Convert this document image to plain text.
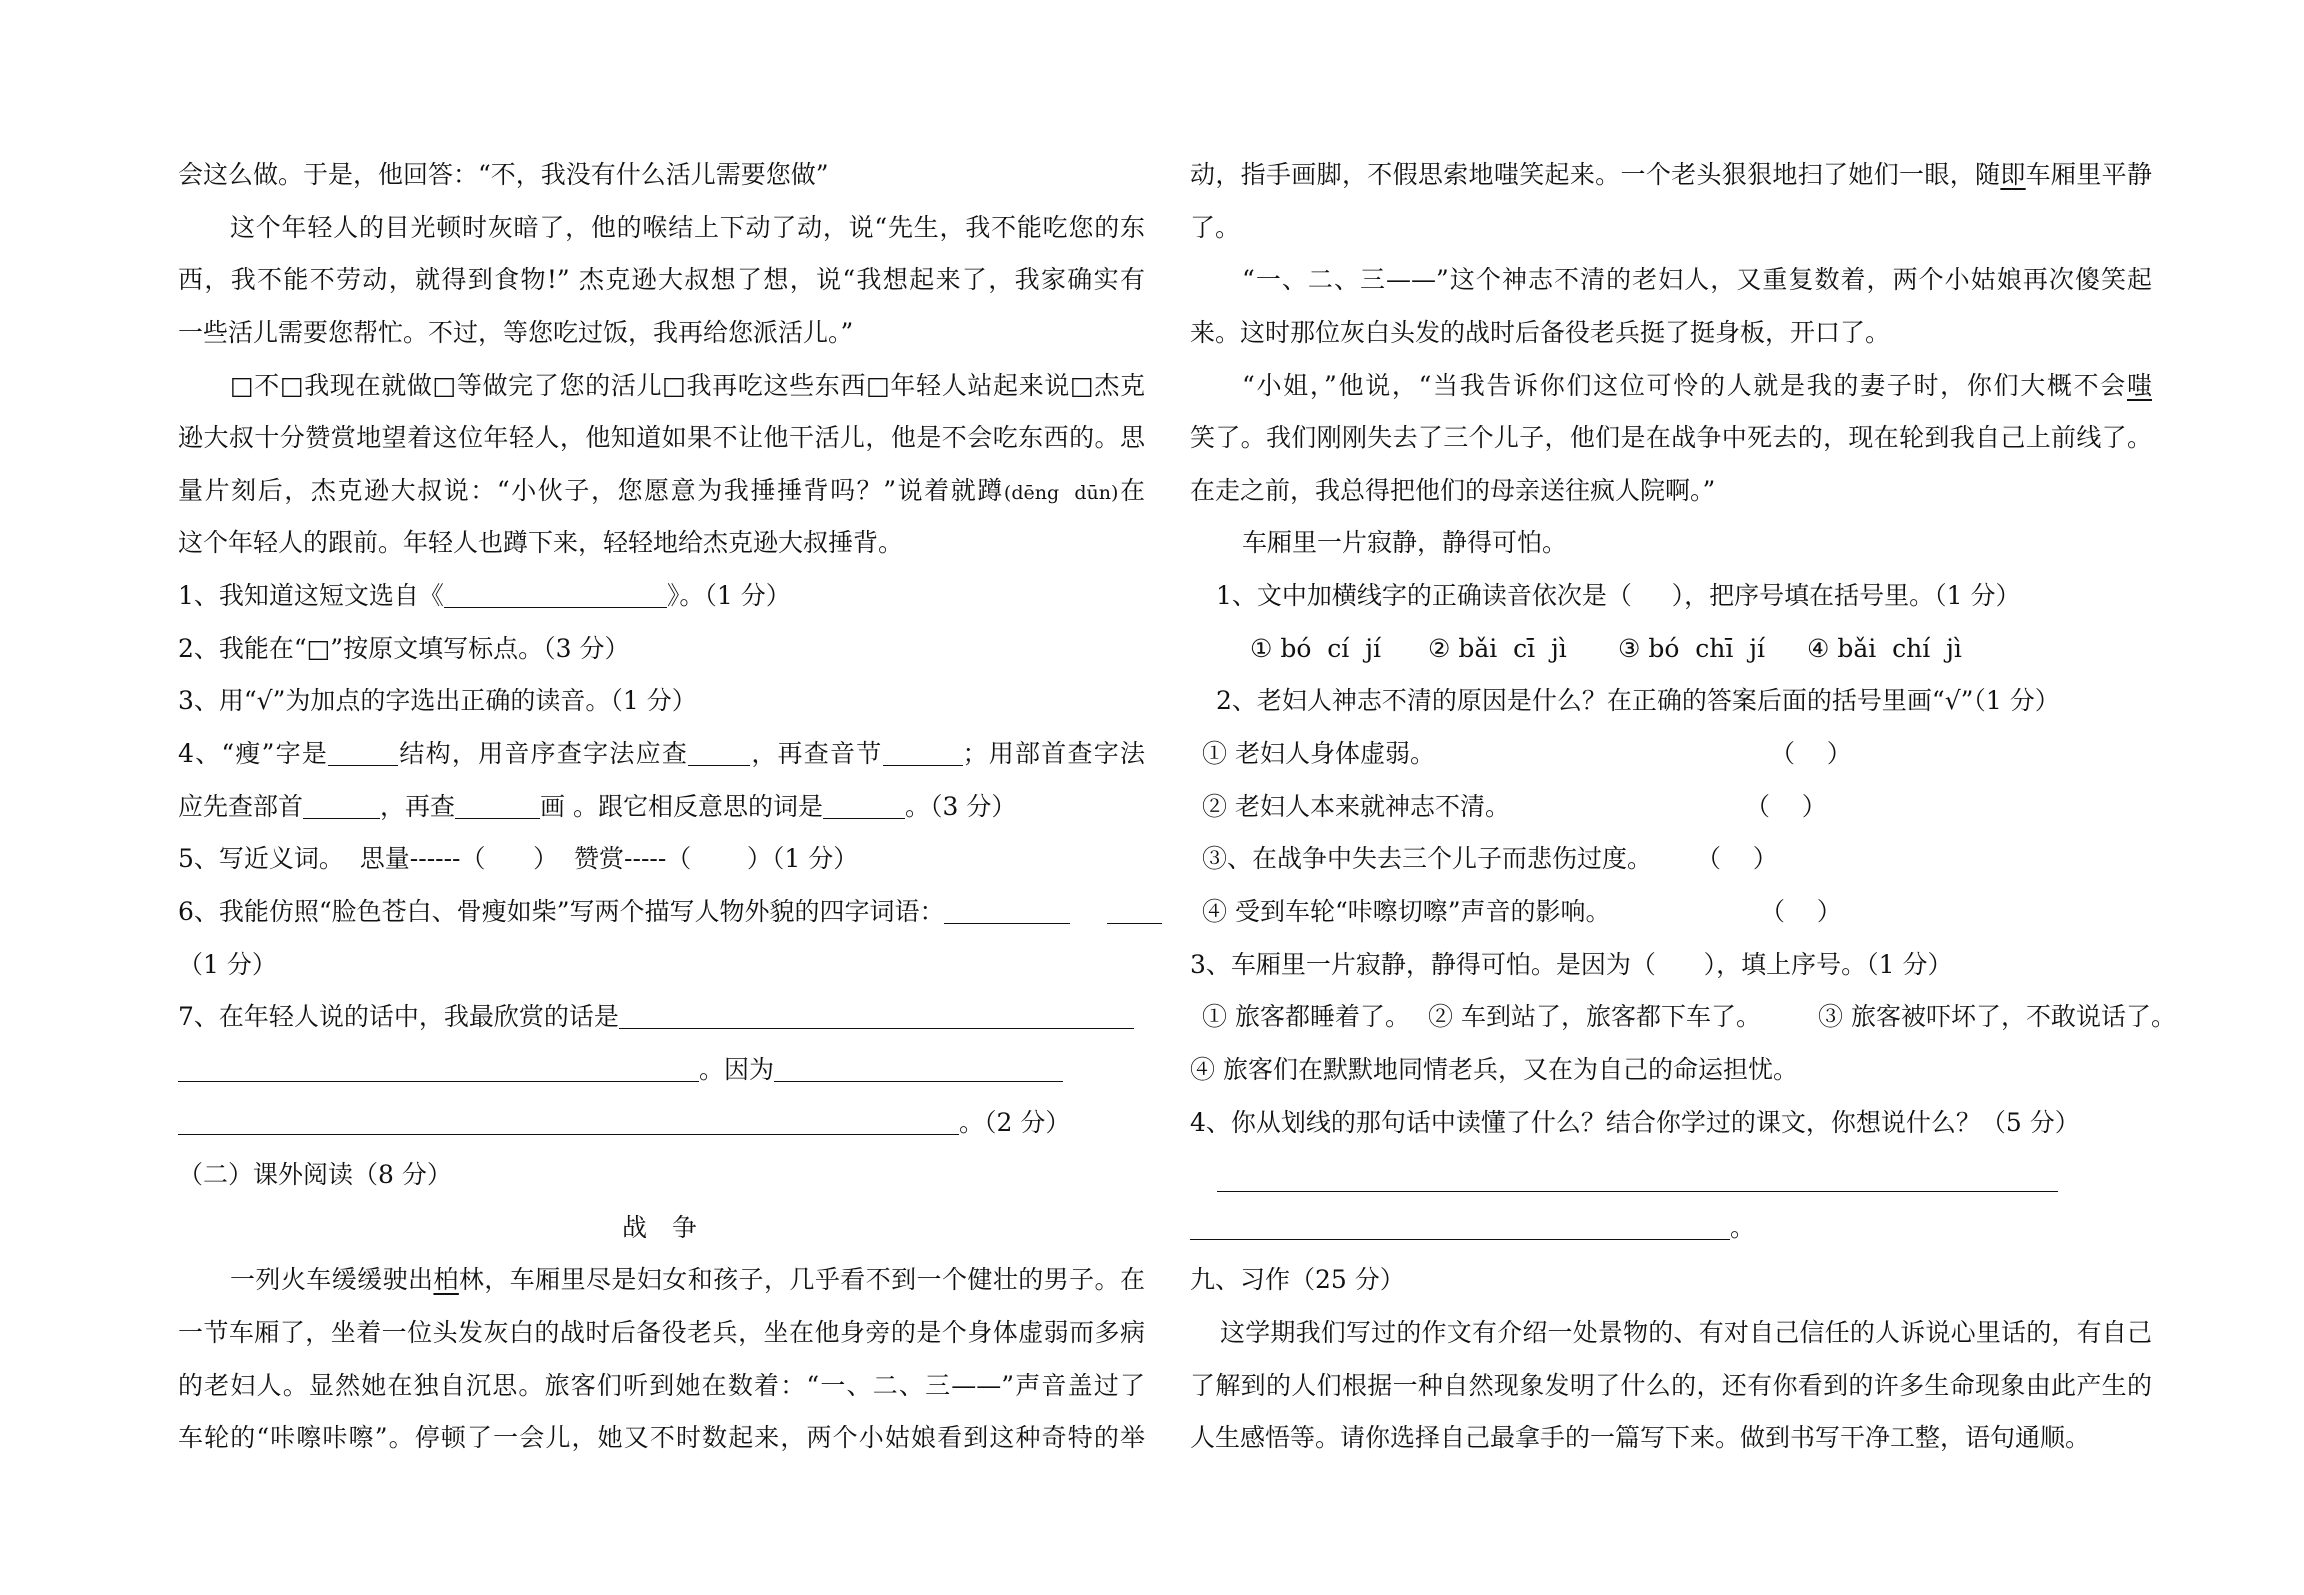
会这么做。于是，他回答：“不，我没有什么活儿需要您做”
这个年轻人的目光顿时灰暗了，他的喉结上下动了动，说“先生，我不能吃您的东
西，我不能不劳动，就得到食物!” 杰克逊大叔想了想，说“我想起来了，我家确实有
一些活儿需要您帮忙。不过，等您吃过饭，我再给您派活儿。”
□不□我现在就做□等做完了您的活儿□我再吃这些东西□年轻人站起来说□杰克
逊大叔十分赞赏地望着这位年轻人，他知道如果不让他干活儿，他是不会吃东西的。思
量片刻后，杰克逊大叔说：“小伙子，您愿意为我捶捶背吗？”说着就蹲(dēng  dūn)在
这个年轻人的跟前。年轻人也蹲下来，轻轻地给杰克逊大叔捶背。
1、我知道这短文选自《	》。（1 分）
2、我能在“□”按原文填写标点。（3 分）
3、用“√”为加点的字选出正确的读音。（1 分）
4、“瘦”字是	结构，用音序查字法应查 ，再查音节	；用部首查字法
应先查部首	，再查	画 。跟它相反意思的词是	。（3 分）
5、写近义词。  思量------（      ）  赞赏-----（       ）（1 分）
6、我能仿照“脸色苍白、骨瘦如柴”写两个描写人物外貌的四字词语：
（1 分）
7、在年轻人说的话中，我最欣赏的话是
。因为
。（2 分）
（二）课外阅读（8 分）
战　争
一列火车缓缓驶出柏林，车厢里尽是妇女和孩子，几乎看不到一个健壮的男子。在
一节车厢了，坐着一位头发灰白的战时后备役老兵，坐在他身旁的是个身体虚弱而多病
的老妇人。显然她在独自沉思。旅客们听到她在数着：“一、二、三——”声音盖过了
车轮的“咔嚓咔嚓”。停顿了一会儿，她又不时数起来，两个小姑娘看到这种奇特的举
动，指手画脚，不假思索地嗤笑起来。一个老头狠狠地扫了她们一眼，随即车厢里平静
了。
“一、二、三——”这个神志不清的老妇人，又重复数着，两个小姑娘再次傻笑起
来。这时那位灰白头发的战时后备役老兵挺了挺身板，开口了。
“小姐，”他说，“当我告诉你们这位可怜的人就是我的妻子时，你们大概不会嗤
笑了。我们刚刚失去了三个儿子，他们是在战争中死去的，现在轮到我自己上前线了。
在走之前，我总得把他们的母亲送往疯人院啊。”
车厢里一片寂静，静得可怕。
1、文中加横线字的正确读音依次是（     ），把序号填在括号里。（1 分）
① bó  cí  jí ② bǎi  cī  jì ③ bó  chī  jí ④ bǎi  chí  jì
2、老妇人神志不清的原因是什么？在正确的答案后面的括号里画“√”（1 分）
① 老妇人身体虚弱。	（    ）
② 老妇人本来就神志不清。	（    ）
③、在战争中失去三个儿子而悲伤过度。 （    ）
④ 受到车轮“咔嚓切嚓”声音的影响。	（    ）
3、车厢里一片寂静，静得可怕。是因为（      ），填上序号。（1 分）
① 旅客都睡着了。 ② 车到站了，旅客都下车了。 ③ 旅客被吓坏了，不敢说话了。
④ 旅客们在默默地同情老兵，又在为自己的命运担忧。
4、你从划线的那句话中读懂了什么？结合你学过的课文，你想说什么？（5 分）
。
九、习作（25 分）
这学期我们写过的作文有介绍一处景物的、有对自己信任的人诉说心里话的，有自己
了解到的人们根据一种自然现象发明了什么的，还有你看到的许多生命现象由此产生的
人生感悟等。请你选择自己最拿手的一篇写下来。做到书写干净工整，语句通顺。
